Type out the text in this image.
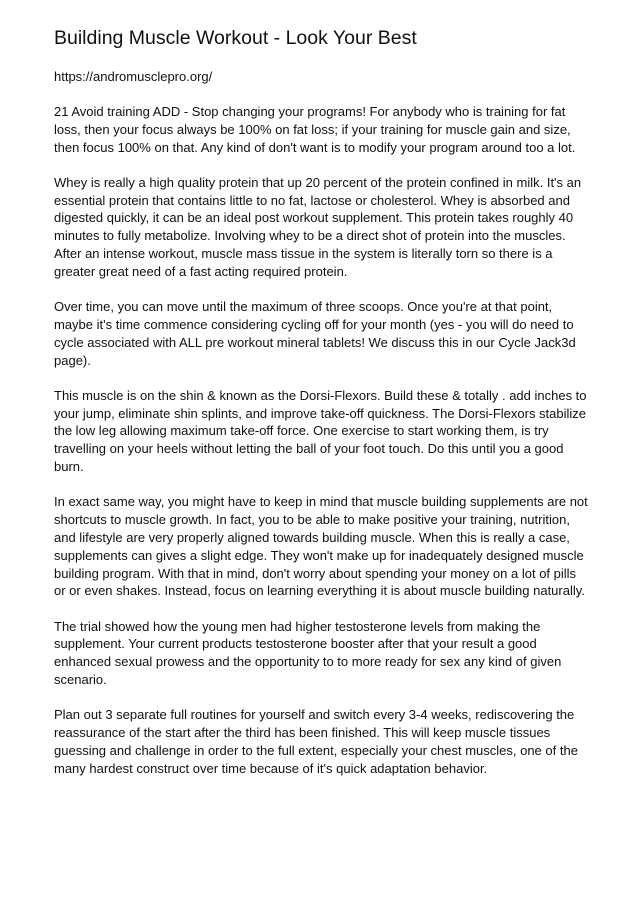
Building Muscle Workout - Look Your Best

https://andromusclepro.org/

21 Avoid training ADD - Stop changing your programs! For anybody who is training for fat loss, then your focus always be 100% on fat loss; if your training for muscle gain and size, then focus 100% on that. Any kind of don't want is to modify your program around too a lot.

Whey is really a high quality protein that up 20 percent of the protein confined in milk. It's an essential protein that contains little to no fat, lactose or cholesterol. Whey is absorbed and digested quickly, it can be an ideal post workout supplement. This protein takes roughly 40 minutes to fully metabolize. Involving whey to be a direct shot of protein into the muscles. After an intense workout, muscle mass tissue in the system is literally torn so there is a greater great need of a fast acting required protein.

Over time, you can move until the maximum of three scoops. Once you're at that point, maybe it's time commence considering cycling off for your month (yes - you will do need to cycle associated with ALL pre workout mineral tablets! We discuss this in our Cycle Jack3d page).

This muscle is on the shin & known as the Dorsi-Flexors. Build these & totally . add inches to your jump, eliminate shin splints, and improve take-off quickness. The Dorsi-Flexors stabilize the low leg allowing maximum take-off force. One exercise to start working them, is try travelling on your heels without letting the ball of your foot touch. Do this until you a good burn.

In exact same way, you might have to keep in mind that muscle building supplements are not shortcuts to muscle growth. In fact, you to be able to make positive your training, nutrition, and lifestyle are very properly aligned towards building muscle. When this is really a case, supplements can gives a slight edge. They won't make up for inadequately designed muscle building program. With that in mind, don't worry about spending your money on a lot of pills or or even shakes. Instead, focus on learning everything it is about muscle building naturally.

The trial showed how the young men had higher testosterone levels from making the supplement. Your current products testosterone booster after that your result a good enhanced sexual prowess and the opportunity to to more ready for sex any kind of given scenario.

Plan out 3 separate full routines for yourself and switch every 3-4 weeks, rediscovering the reassurance of the start after the third has been finished. This will keep muscle tissues guessing and challenge in order to the full extent, especially your chest muscles, one of the many hardest construct over time because of it's quick adaptation behavior.
